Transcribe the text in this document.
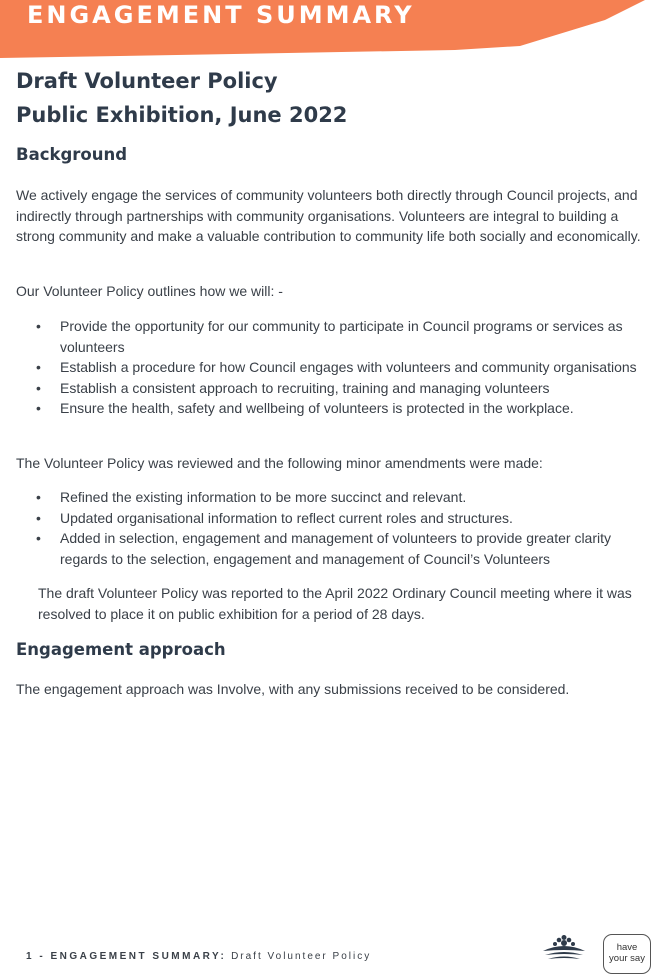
ENGAGEMENT SUMMARY
Draft Volunteer Policy
Public Exhibition, June 2022
Background

We actively engage the services of community volunteers both directly through Council projects, and indirectly through partnerships with community organisations. Volunteers are integral to building a strong community and make a valuable contribution to community life both socially and economically.

Our Volunteer Policy outlines how we will: -

• Provide the opportunity for our community to participate in Council programs or services as volunteers
• Establish a procedure for how Council engages with volunteers and community organisations
• Establish a consistent approach to recruiting, training and managing volunteers
• Ensure the health, safety and wellbeing of volunteers is protected in the workplace.

The Volunteer Policy was reviewed and the following minor amendments were made:

• Refined the existing information to be more succinct and relevant.
• Updated organisational information to reflect current roles and structures.
• Added in selection, engagement and management of volunteers to provide greater clarity regards to the selection, engagement and management of Council’s Volunteers

The draft Volunteer Policy was reported to the April 2022 Ordinary Council meeting where it was resolved to place it on public exhibition for a period of 28 days.

Engagement approach

The engagement approach was Involve, with any submissions received to be considered.

1 - ENGAGEMENT SUMMARY: Draft Volunteer Policy
have
your say
